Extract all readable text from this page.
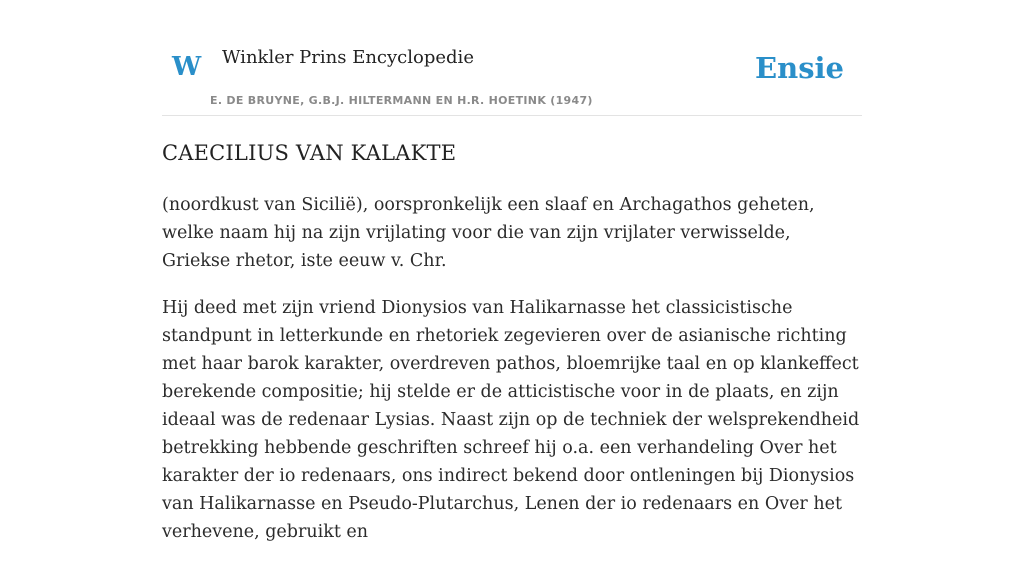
W Winkler Prins Encyclopedie
E. DE BRUYNE, G.B.J. HILTERMANN EN H.R. HOETINK (1947)
Ensie
CAECILIUS VAN KALAKTE

(noordkust van Sicilië), oorspronkelijk een slaaf en Archagathos geheten, welke naam hij na zijn vrijlating voor die van zijn vrijlater verwisselde, Griekse rhetor, iste eeuw v. Chr.

Hij deed met zijn vriend Dionysios van Halikarnasse het classicistische standpunt in letterkunde en rhetoriek zegevieren over de asianische richting met haar barok karakter, overdreven pathos, bloemrijke taal en op klankeffect berekende compositie; hij stelde er de atticistische voor in de plaats, en zijn ideaal was de redenaar Lysias. Naast zijn op de techniek der welsprekendheid betrekking hebbende geschriften schreef hij o.a. een verhandeling Over het karakter der io redenaars, ons indirect bekend door ontleningen bij Dionysios van Halikarnasse en Pseudo-Plutarchus, Lenen der io redenaars en Over het verhevene, gebruikt en
